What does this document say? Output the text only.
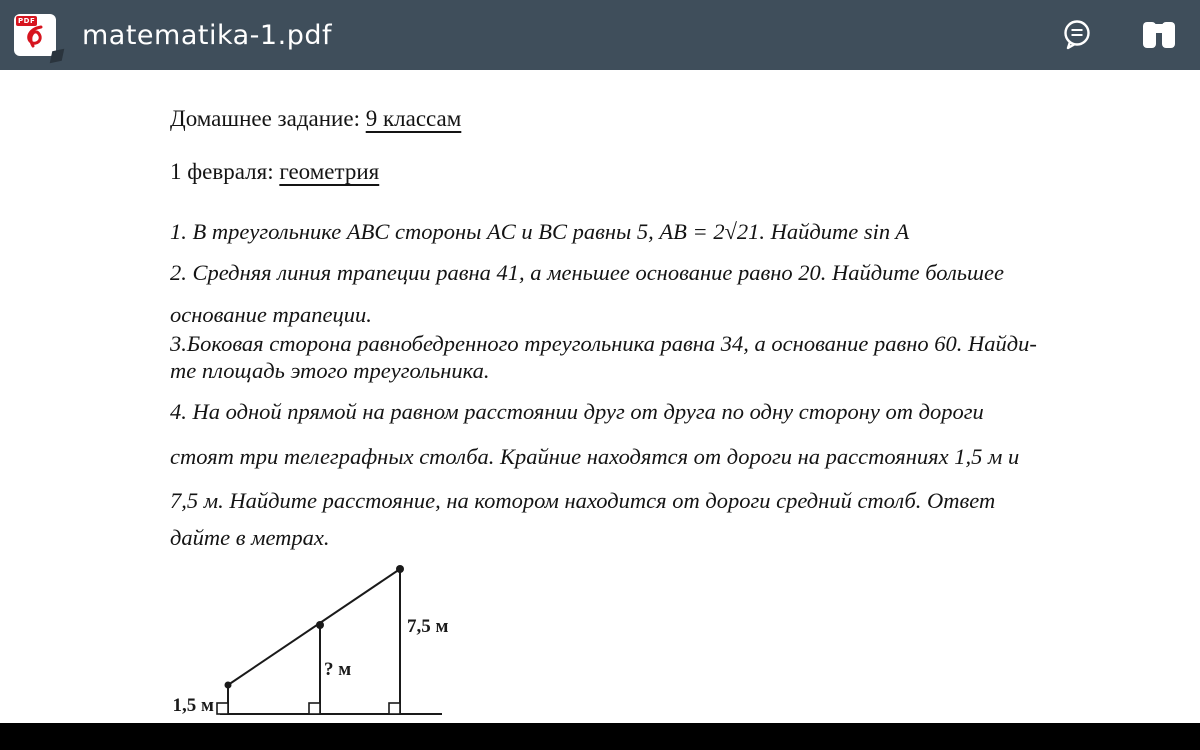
PDF matematika-1.pdf
Домашнее задание: 9 классам
1 февраля: геометрия
1. В треугольнике ABC стороны AC и BC равны 5, AB = 2√21. Найдите sin A
2. Средняя линия трапеции равна 41, а меньшее основание равно 20. Найдите большее
основание трапеции.
3.Боковая сторона равнобедренного треугольника равна 34, а основание равно 60. Найди-
те площадь этого треугольника.
4. На одной прямой на равном расстоянии друг от друга по одну сторону от дороги
стоят три телеграфных столба. Крайние находятся от дороги на расстояниях 1,5 м и
7,5 м. Найдите расстояние, на котором находится от дороги средний столб. Ответ
дайте в метрах.
1,5 м
? м
7,5 м
